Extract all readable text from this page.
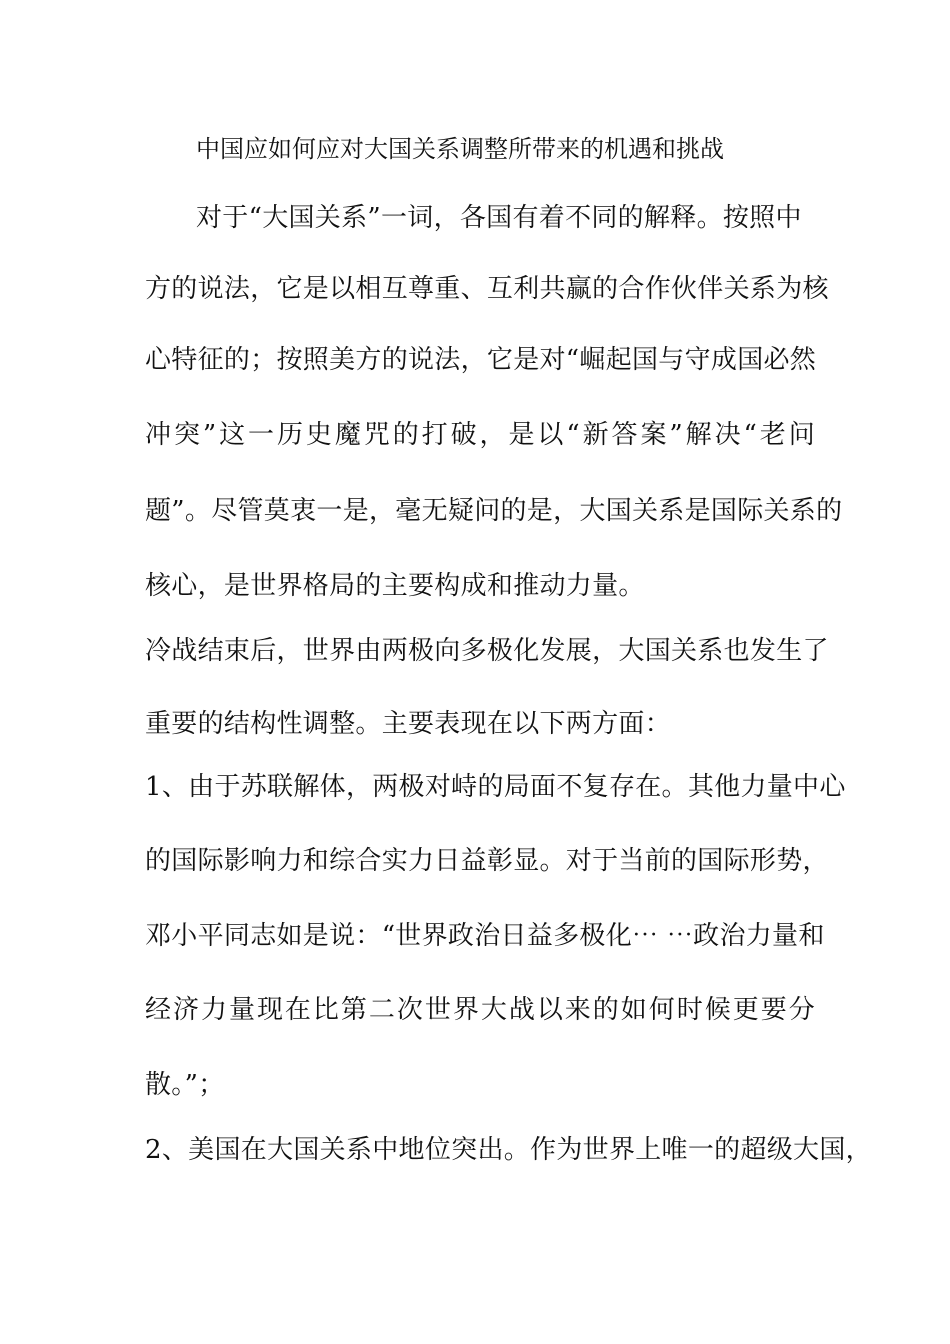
中国应如何应对大国关系调整所带来的机遇和挑战
对于“大国关系”一词，各国有着不同的解释。按照中
方的说法，它是以相互尊重、互利共赢的合作伙伴关系为核
心特征的；按照美方的说法，它是对“崛起国与守成国必然
冲突”这一历史魔咒的打破，是以“新答案”解决“老问
题”。尽管莫衷一是，毫无疑问的是，大国关系是国际关系的
核心，是世界格局的主要构成和推动力量。
冷战结束后，世界由两极向多极化发展，大国关系也发生了
重要的结构性调整。主要表现在以下两方面：
1、由于苏联解体，两极对峙的局面不复存在。其他力量中心
的国际影响力和综合实力日益彰显。对于当前的国际形势，
邓小平同志如是说：“世界政治日益多极化⋯ ⋯政治力量和
经济力量现在比第二次世界大战以来的如何时候更要分
散。”；
2、美国在大国关系中地位突出。作为世界上唯一的超级大国，
